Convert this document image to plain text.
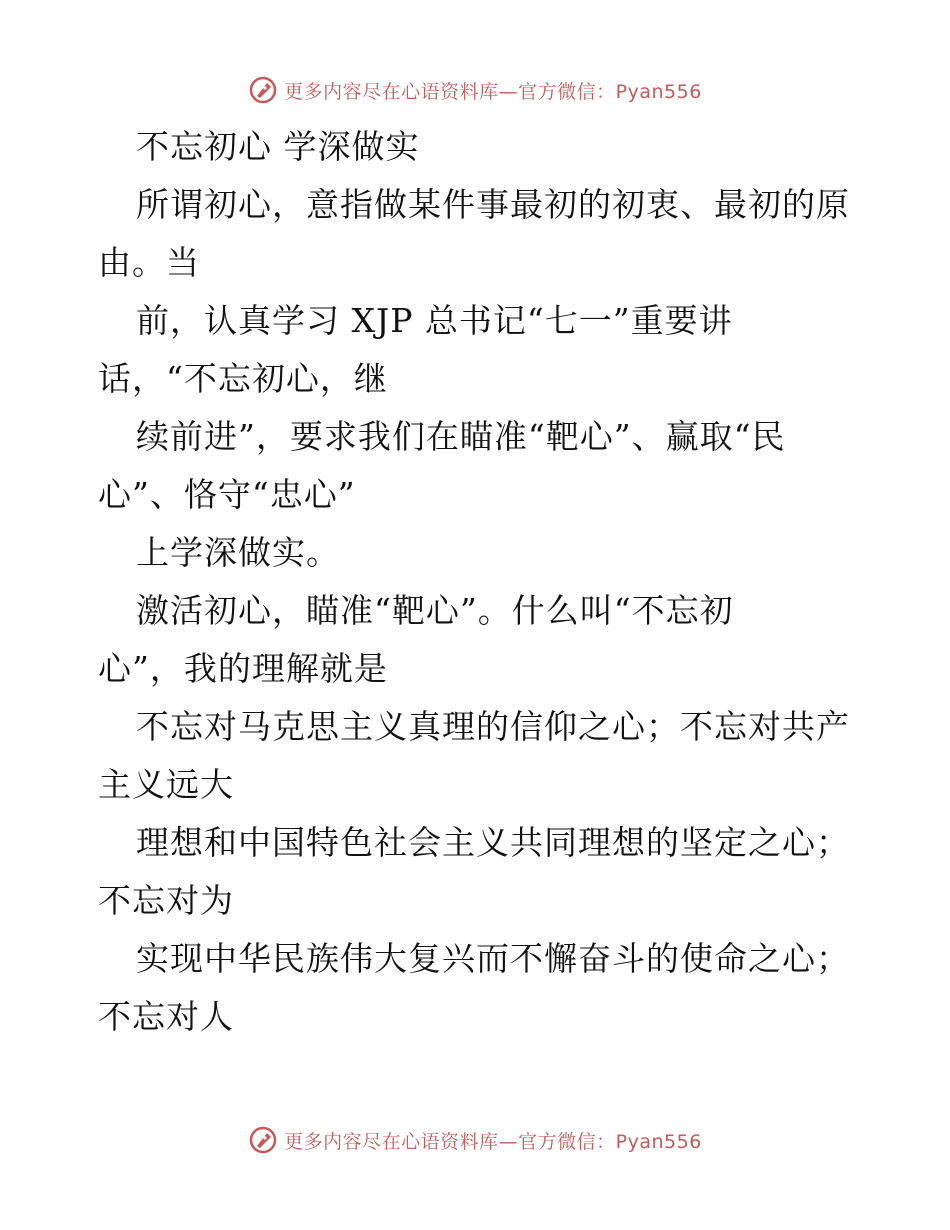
更多内容尽在心语资料库—官方微信：Pyan556
不忘初心 学深做实
所谓初心，意指做某件事最初的初衷、最初的原
由。当
前，认真学习 XJP 总书记“七一”重要讲
话，“不忘初心，继
续前进”，要求我们在瞄准“靶心”、赢取“民
心”、恪守“忠心”
上学深做实。
激活初心，瞄准“靶心”。什么叫“不忘初
心”，我的理解就是
不忘对马克思主义真理的信仰之心；不忘对共产
主义远大
理想和中国特色社会主义共同理想的坚定之心；
不忘对为
实现中华民族伟大复兴而不懈奋斗的使命之心；
不忘对人
更多内容尽在心语资料库—官方微信：Pyan556
